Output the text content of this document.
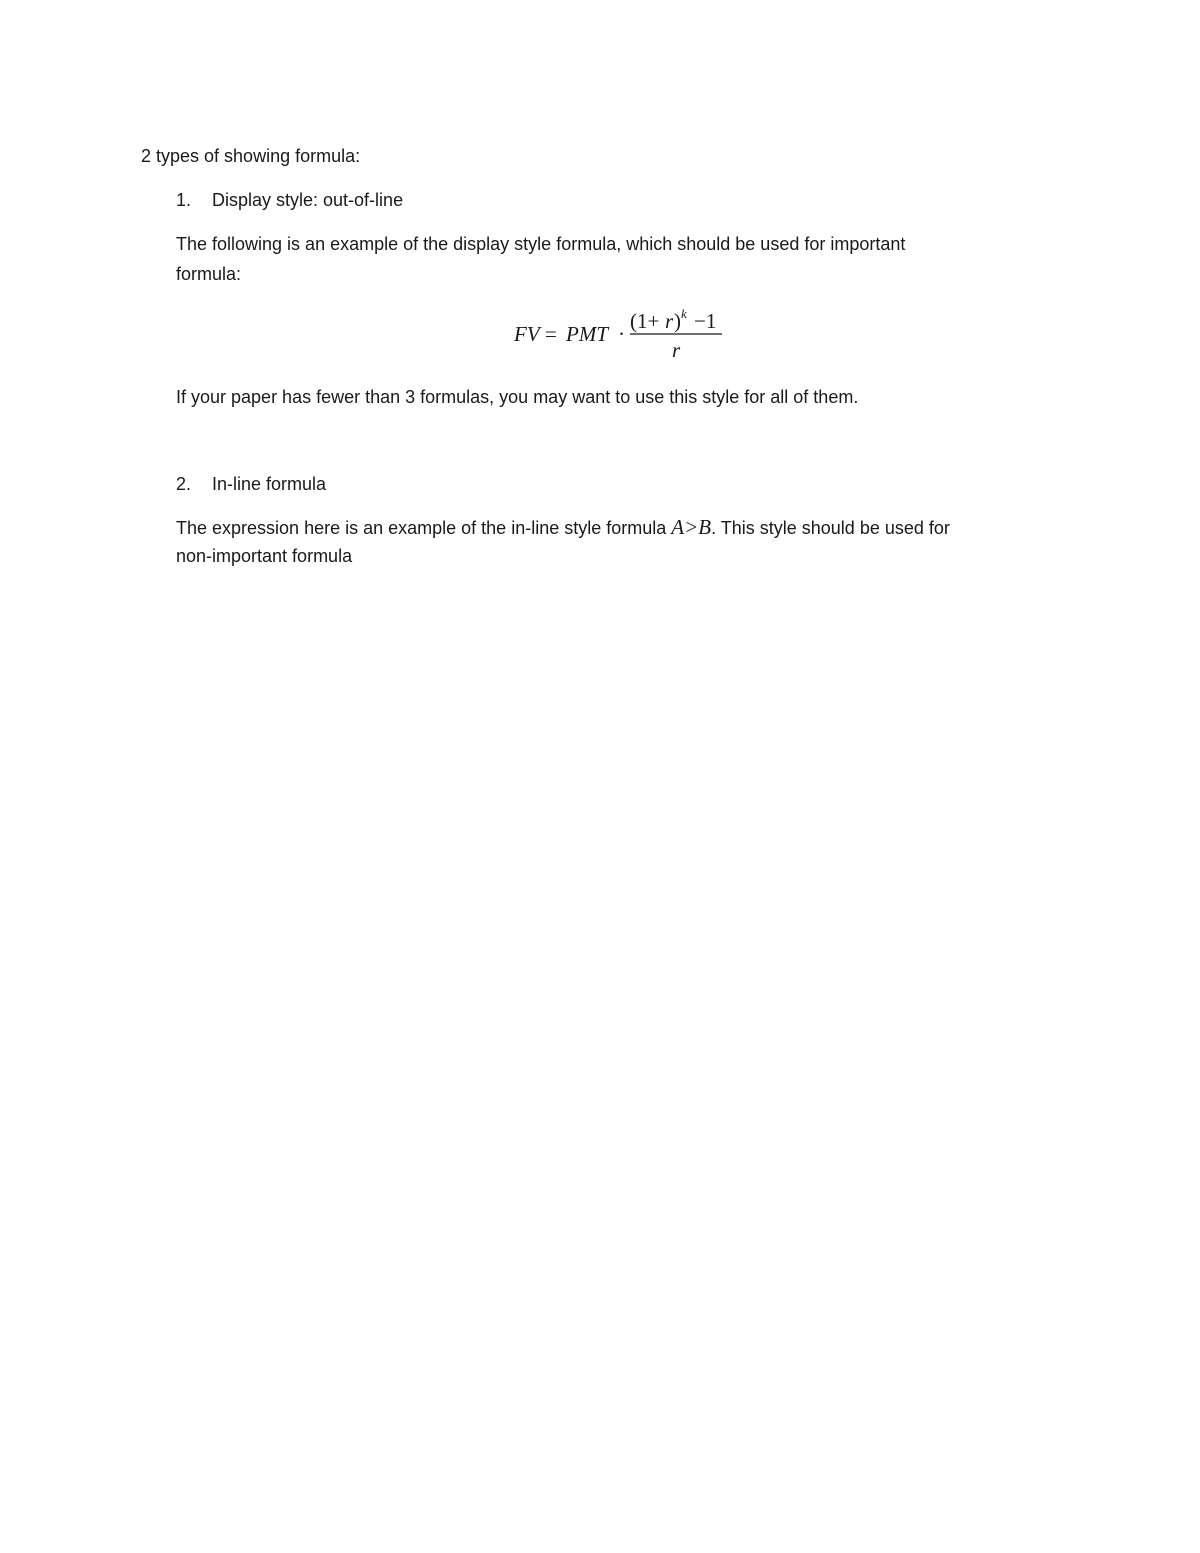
2 types of showing formula:
1. Display style: out-of-line
The following is an example of the display style formula, which should be used for important
formula:
FV = PMT ·
(1+ r ) k −1
r
If your paper has fewer than 3 formulas, you may want to use this style for all of them.
2. In-line formula
The expression here is an example of the in-line style formula A>B. This style should be used for
non-important formula
